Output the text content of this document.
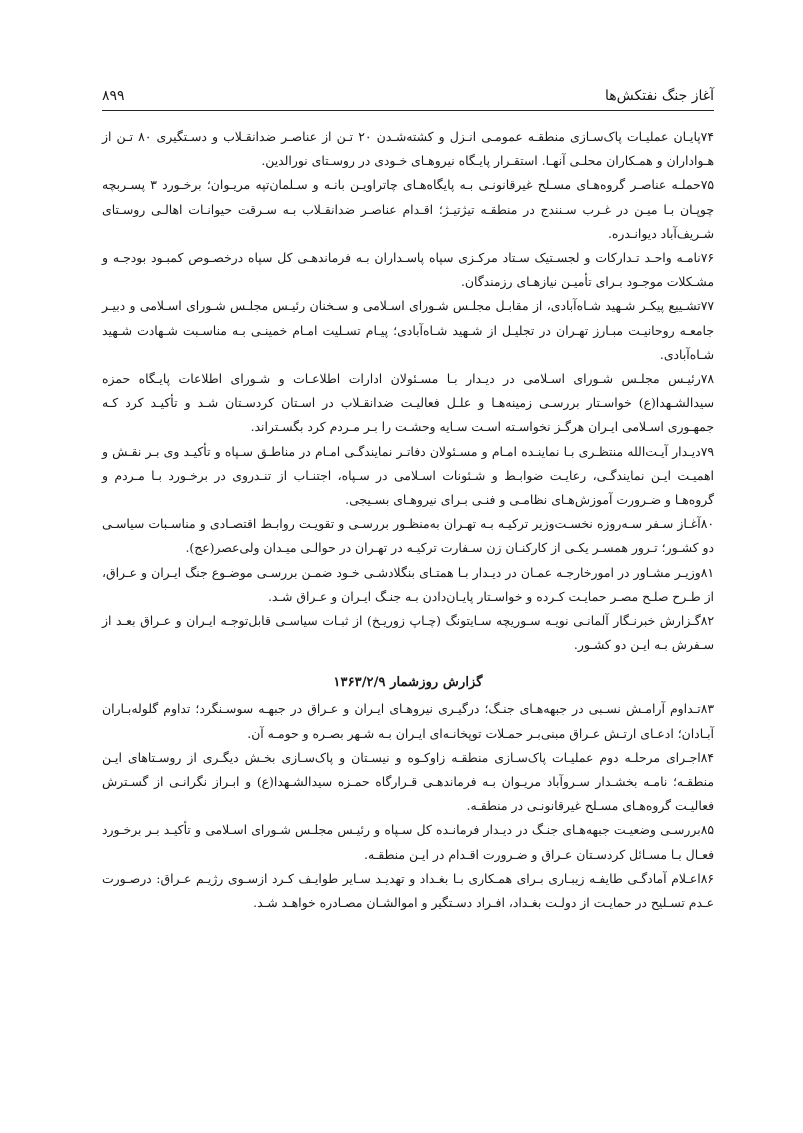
آغاز جنگ نفتکش‌ها
۸۹۹

۷۴پایـان عملیـات پاک‌سـازی منطقـه عمومـی انـزل و کشته‌شـدن ۲۰ تـن از عناصـر ضدانقـلاب و دسـتگیری ۸۰ تـن از هـواداران و همـکاران محلـی آنهـا. استقـرار پایـگاه نیروهـای خـودی در روسـتای نورالدین.

۷۵حملـه عناصـر گروه‌هـای مسـلح غیرقانونـی بـه پایگاه‌هـای چاتراویـن بانـه و سـلمان‌تپه مریـوان؛ برخـورد ۳ پسـربچه چوپـان بـا میـن در غـرب سـنندج در منطقـه تیژتیـژ؛ اقـدام عناصـر ضدانقـلاب بـه سـرقت حیوانـات اهالـی روسـتای شـریف‌آباد دیوانـدره.

۷۶نامـه واحـد تـدارکات و لجسـتیک سـتاد مرکـزی سپاه پاسـداران بـه فرماندهـی کل سپاه درخصـوص کمبـود بودجـه و مشـکلات موجـود بـرای تأمیـن نیازهـای رزمندگان.

۷۷تشـییع پیکـر شـهید شـاه‌آبادی، از مقابـل مجلـس شـورای اسـلامی و سـخنان رئیـس مجلـس شـورای اسـلامی و دبیـر جامعـه روحانیـت مبـارز تهـران در تجلیـل از شـهید شـاه‌آبادی؛ پیـام تسـلیت امـام خمینـی بـه مناسـبت شـهادت شـهید شـاه‌آبادی.

۷۸رئیـس مجلـس شـورای اسـلامی در دیـدار بـا مسـئولان ادارات اطلاعـات و شـورای اطلاعات پایـگاه حمزه سیدالشـهدا(ع) خواسـتار بررسـی زمینه‌هـا و علـل فعالیـت ضدانقـلاب در اسـتان کردسـتان شـد و تأکیـد کرد کـه جمهـوری اسـلامی ایـران هرگـز نخواسـته اسـت سـایه وحشـت را بـر مـردم کرد بگسـتراند.

۷۹دیـدار آیـت‌الله منتظـری بـا نماینـده امـام و مسـئولان دفاتـر نمایندگـی امـام در مناطـق سـپاه و تأکیـد وی بـر نقـش و اهمیـت ایـن نمایندگـی، رعایـت ضوابـط و شـئونات اسـلامی در سـپاه، اجتنـاب از تنـدروی در برخـورد بـا مـردم و گروه‌هـا و ضـرورت آموزش‌هـای نظامـی و فنـی بـرای نیروهـای بسـیجی.

۸۰آغـاز سـفر سـه‌روزه نخسـت‌وزیر ترکیـه بـه تهـران به‌منظـور بررسـی و تقویـت روابـط اقتصـادی و مناسـبات سیاسـی دو کشـور؛ تـرور همسـر یکـی از کارکنـان زن سـفارت ترکیـه در تهـران در حوالـی میـدان ولی‌عصر(عج).

۸۱وزیـر مشـاور در امورخارجـه عمـان در دیـدار بـا همتـای بنگلادشـی خـود ضمـن بررسـی موضـوع جنگ ایـران و عـراق، از طـرح صلـح مصـر حمایـت کـرده و خواسـتار پایـان‌دادن بـه جنـگ ایـران و عـراق شـد.

۸۲گـزارش خبرنـگار آلمانـی نویـه سـوریچه سـایتونگ (چـاپ زوریـخ) از ثبـات سیاسـی قابل‌توجـه ایـران و عـراق بعـد از سـفرش بـه ایـن دو کشـور.

گزارش روزشمار ۱۳۶۳/۲/۹

۸۳تـداوم آرامـش نسـبی در جبهه‌هـای جنـگ؛ درگیـری نیروهـای ایـران و عـراق در جبهـه سوسـنگرد؛ تداوم گلوله‌بـاران آبـادان؛ ادعـای ارتـش عـراق مبنی‌بـر حمـلات توپخانـه‌ای ایـران بـه شـهر بصـره و حومـه آن.

۸۴اجـرای مرحلـه دوم عملیـات پاک‌سـازی منطقـه زاوکـوه و نیسـتان و پاک‌سـازی بخـش دیگـری از روسـتاهای ایـن منطقـه؛ نامـه بخشـدار سـروآباد مریـوان بـه فرماندهـی قـرارگاه حمـزه سیدالشـهدا(ع) و ابـراز نگرانـی از گسـترش فعالیـت گروه‌هـای مسـلح غیرقانونـی در منطقـه.

۸۵بررسـی وضعیـت جبهه‌هـای جنـگ در دیـدار فرمانـده کل سـپاه و رئیـس مجلـس شـورای اسـلامی و تأکیـد بـر برخـورد فعـال بـا مسـائل کردسـتان عـراق و ضـرورت اقـدام در ایـن منطقـه.

۸۶اعـلام آمادگـی طایفـه زیبـاری بـرای همـکاری بـا بغـداد و تهدیـد سـایر طوایـف کـرد ازسـوی رژیـم عـراق: درصـورت عـدم تسـلیح در حمایـت از دولـت بغـداد، افـراد دسـتگیر و اموالشـان مصـادره خواهـد شـد.
